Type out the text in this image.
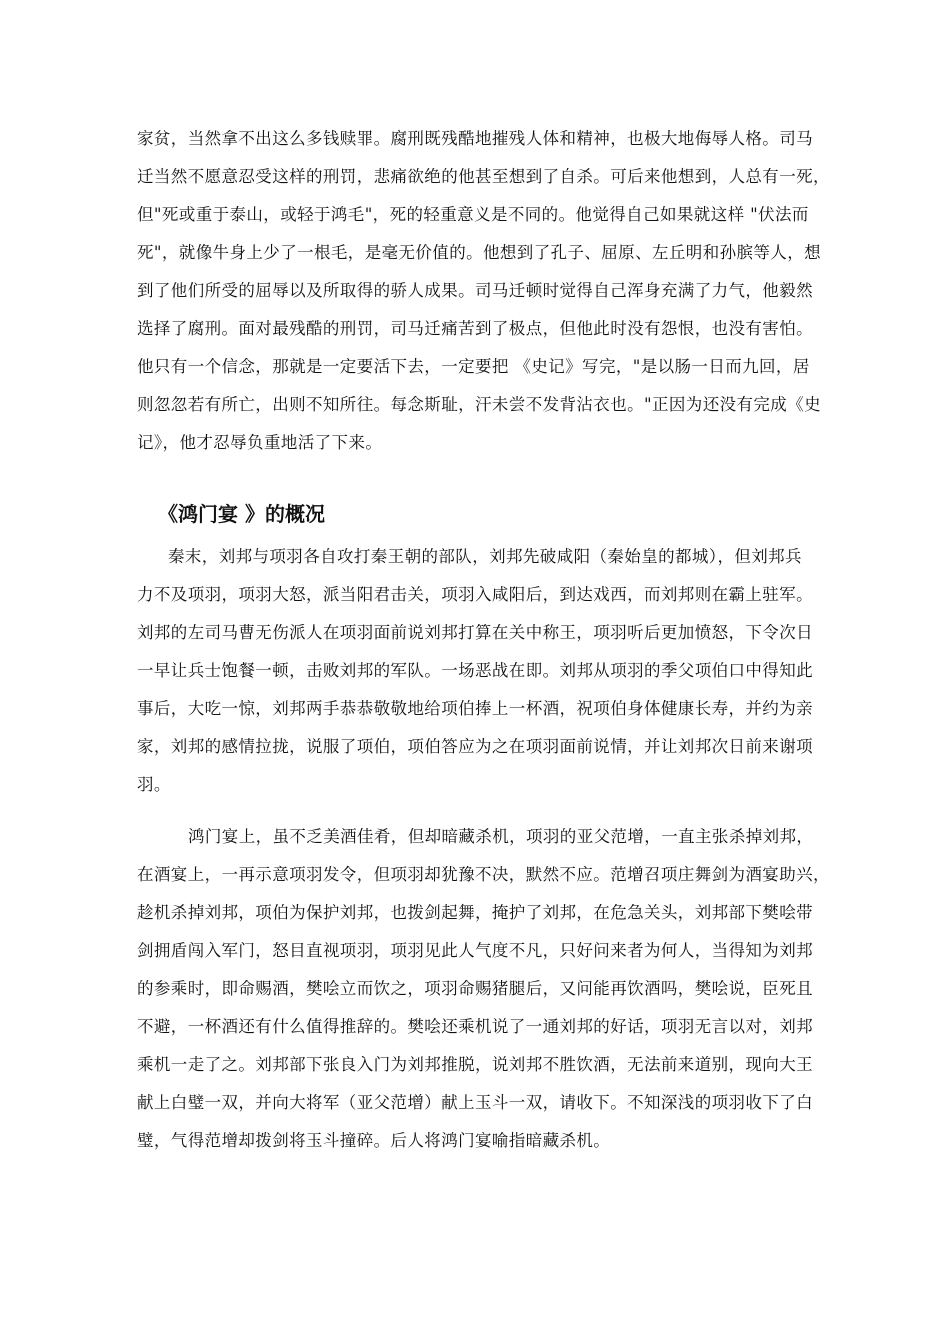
家贫，当然拿不出这么多钱赎罪。腐刑既残酷地摧残人体和精神，也极大地侮辱人格。司马

迁当然不愿意忍受这样的刑罚，悲痛欲绝的他甚至想到了自杀。可后来他想到，人总有一死，

但"死或重于泰山，或轻于鸿毛"，死的轻重意义是不同的。他觉得自己如果就这样 "伏法而

死"，就像牛身上少了一根毛，是毫无价值的。他想到了孔子、屈原、左丘明和孙膑等人，想

到了他们所受的屈辱以及所取得的骄人成果。司马迁顿时觉得自己浑身充满了力气，他毅然

选择了腐刑。面对最残酷的刑罚，司马迁痛苦到了极点，但他此时没有怨恨，也没有害怕。

他只有一个信念，那就是一定要活下去，一定要把 《史记》写完，"是以肠一日而九回，居

则忽忽若有所亡，出则不知所往。每念斯耻，汗未尝不发背沾衣也。"正因为还没有完成《史

记》，他才忍辱负重地活了下来。

《鸿门宴 》的概况

秦末，刘邦与项羽各自攻打秦王朝的部队，刘邦先破咸阳（秦始皇的都城），但刘邦兵

力不及项羽，项羽大怒，派当阳君击关，项羽入咸阳后，到达戏西，而刘邦则在霸上驻军。

刘邦的左司马曹无伤派人在项羽面前说刘邦打算在关中称王，项羽听后更加愤怒，下令次日

一早让兵士饱餐一顿，击败刘邦的军队。一场恶战在即。刘邦从项羽的季父项伯口中得知此

事后，大吃一惊，刘邦两手恭恭敬敬地给项伯捧上一杯酒，祝项伯身体健康长寿，并约为亲

家，刘邦的感情拉拢，说服了项伯，项伯答应为之在项羽面前说情，并让刘邦次日前来谢项

羽。

鸿门宴上，虽不乏美酒佳肴，但却暗藏杀机，项羽的亚父范增，一直主张杀掉刘邦，

在酒宴上，一再示意项羽发令，但项羽却犹豫不决，默然不应。范增召项庄舞剑为酒宴助兴，

趁机杀掉刘邦，项伯为保护刘邦，也拨剑起舞，掩护了刘邦，在危急关头，刘邦部下樊哙带

剑拥盾闯入军门，怒目直视项羽，项羽见此人气度不凡，只好问来者为何人，当得知为刘邦

的参乘时，即命赐酒，樊哙立而饮之，项羽命赐猪腿后，又问能再饮酒吗，樊哙说，臣死且

不避，一杯酒还有什么值得推辞的。樊哙还乘机说了一通刘邦的好话，项羽无言以对，刘邦

乘机一走了之。刘邦部下张良入门为刘邦推脱，说刘邦不胜饮酒，无法前来道别，现向大王

献上白璧一双，并向大将军（亚父范增）献上玉斗一双，请收下。不知深浅的项羽收下了白

璧，气得范增却拨剑将玉斗撞碎。后人将鸿门宴喻指暗藏杀机。
